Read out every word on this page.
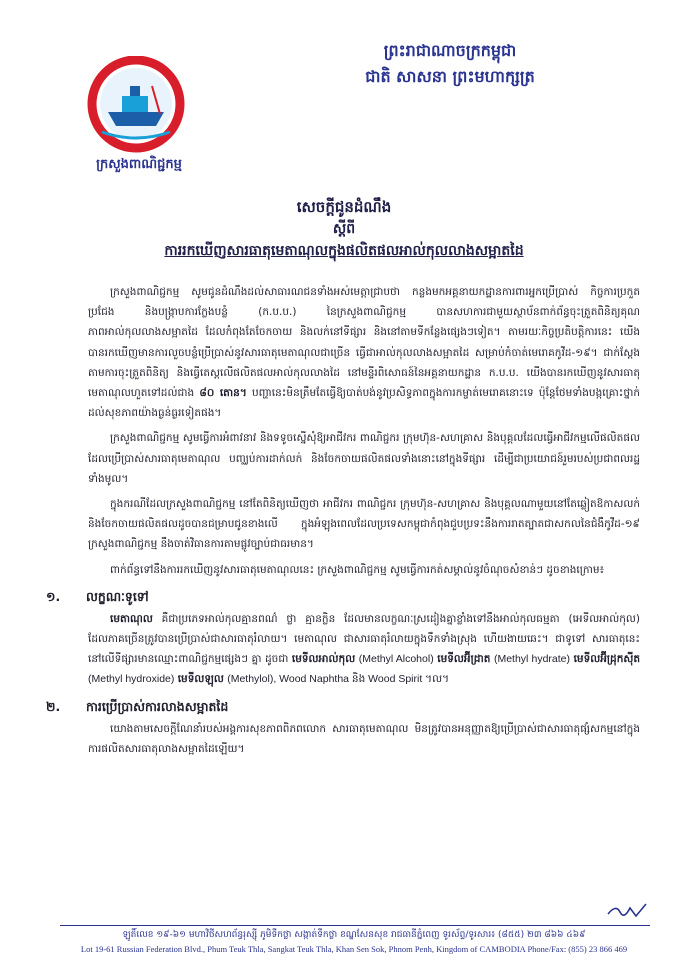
ក្រសួងពាណិជ្ជកម្ម
ព្រះរាជាណាចក្រកម្ពុជា
ជាតិ សាសនា ព្រះមហាក្សត្រ
សេចក្តីជូនដំណឹង
ស្តីពី
ការរកឃើញសារធាតុមេតាណុលក្នុងផលិតផលអាល់កុលលាងសម្អាតដៃ

ក្រសួងពាណិជ្ជកម្ម សូមជូនដំណឹងដល់សាធារណជនទាំងអស់មេត្តាជ្រាបថា កន្លងមកអគ្គនាយកដ្ឋានការពារអ្នកប្រើប្រាស់ កិច្ចការប្រកួតប្រជែង និងបង្រ្កាបការក្លែងបន្លំ (ក.ប.ប.) នៃក្រសួងពាណិជ្ជកម្ម បានសហការជាមួយស្ថាប័នពាក់ព័ន្ធចុះត្រួតពិនិត្យគុណភាពអាល់កុលលាងសម្អាតដៃ ដែលកំពុងតែចែកចាយ និងលក់នៅទីផ្សារ និងនៅតាមទីកន្លែងផ្សេងៗទៀត។ តាមរយៈកិច្ចប្រតិបត្តិការនេះ យើងបានរកឃើញមានការលួចបន្លំប្រើប្រាស់នូវសារធាតុមេតាណុលជាច្រើន ធ្វើជាអាល់កុលលាងសម្អាតដៃ សម្រាប់កំចាត់មេរោគកូវីដ-១៩។ ជាក់ស្តែងតាមការចុះត្រួតពិនិត្យ និងធ្វើតេស្តលើផលិតផលអាល់កុលលាងដៃ នៅមន្ទីរពិសោធន៍នៃអគ្គនាយកដ្ឋាន ក.ប.ប. យើងបានរកឃើញនូវសារធាតុមេតាណុលហួតទៅដល់ជាង ៨០ តោន។ បញ្ហានេះមិនត្រឹមតែធ្វើឱ្យបាត់បង់នូវប្រសិទ្ធភាពក្នុងការកម្ចាត់មេរោគនោះទេ ប៉ុន្តែថែមទាំងបង្កគ្រោះថ្នាក់ដល់សុខភាពយ៉ាងធ្ងន់ធ្ងរទៀតផង។

ក្រសួងពាណិជ្ជកម្ម សូមធ្វើការអំពាវនាវ និងទទូចស្នើសុំឱ្យអាជីវករ ពាណិជ្ជករ ក្រុមហ៊ុន-សហគ្រាស និងបុគ្គលដែលធ្វើអាជីវកម្មលើផលិតផលដែលប្រើប្រាស់សារធាតុមេតាណុល បញ្ឈប់ការដាក់លក់ និងចែកចាយផលិតផលទាំងនោះនៅក្នុងទីផ្សារ ដើម្បីជាប្រយោជន៍រួមរបស់ប្រជាពលរដ្ឋទាំងមូល។

ក្នុងករណីដែលក្រសួងពាណិជ្ជកម្ម នៅតែពិនិត្យឃើញថា អាជីវករ ពាណិជ្ជករ ក្រុមហ៊ុន-សហគ្រាស និងបុគ្គលណាមួយនៅតែឆ្លៀតឱកាសលក់ និងចែកចាយផលិតផលដូចបានជម្រាបជូនខាងលើ ក្នុងអំឡុងពេលដែលប្រទេសកម្ពុជាកំពុងជួបប្រទះនឹងការរាតត្បាតជាសកលនៃជំងឺកូវីដ-១៩ ក្រសួងពាណិជ្ជកម្ម នឹងចាត់វិធានការតាមផ្លូវច្បាប់ជាធរមាន។

ពាក់ព័ន្ធទៅនឹងការរកឃើញនូវសារធាតុមេតាណុលនេះ ក្រសួងពាណិជ្ជកម្ម សូមធ្វើការកត់សម្គាល់នូវចំណុចសំខាន់ៗ ដូចខាងក្រោម៖

១. លក្ខណៈទូទៅ

មេតាណុល គឺជាប្រភេទអាល់កុលគ្មានពណ៌ ថ្លា គ្មានក្លិន ដែលមានលក្ខណៈស្រដៀងគ្នាខ្លាំងទៅនឹងអាល់កុលធម្មតា (អេទីលអាល់កុល) ដែលភាគច្រើនត្រូវបានប្រើប្រាស់ជាសារធាតុរំលាយ។ មេតាណុល ជាសារធាតុរំលាយក្នុងទឹកទាំងស្រុង ហើយងាយឆេះ។ ជាទូទៅ សារធាតុនេះនៅលើទីផ្សារមានឈ្មោះពាណិជ្ជកម្មផ្សេងៗ គ្នា ដូចជា មេទីលអាល់កុល (Methyl Alcohol) មេទីលអ៊ីដ្រាត (Methyl hydrate) មេទីលអ៊ីដ្រុកស៊ីត (Methyl hydroxide) មេទីលឡុល (Methylol), Wood Naphtha និង Wood Spirit ។ល។

២. ការប្រើប្រាស់ការលាងសម្អាតដៃ

យោងតាមសេចក្តីណែនាំរបស់អង្គការសុខភាពពិភពលោក សារធាតុមេតាណុល មិនត្រូវបានអនុញ្ញាតឱ្យប្រើប្រាស់ជាសារធាតុផ្សំសកម្មនៅក្នុងការផលិតសារធាតុលាងសម្អាតដៃឡើយ។

ឡូតិ៍លេខ ១៩-៦១ មហាវិថីសហព័ន្ធរុស្ស៊ី ភូមិទឹកថ្លា សង្កាត់ទឹកថ្លា ខណ្ឌសែនសុខ រាជធានីភ្នំពេញ ទូរស័ព្ទ/ទូរសារ៖ (៨៥៥) ២៣ ៨៦៦ ៤៦៩
Lot 19-61 Russian Federation Blvd., Phum Teuk Thla, Sangkat Teuk Thla, Khan Sen Sok, Phnom Penh, Kingdom of CAMBODIA Phone/Fax: (855) 23 866 469
